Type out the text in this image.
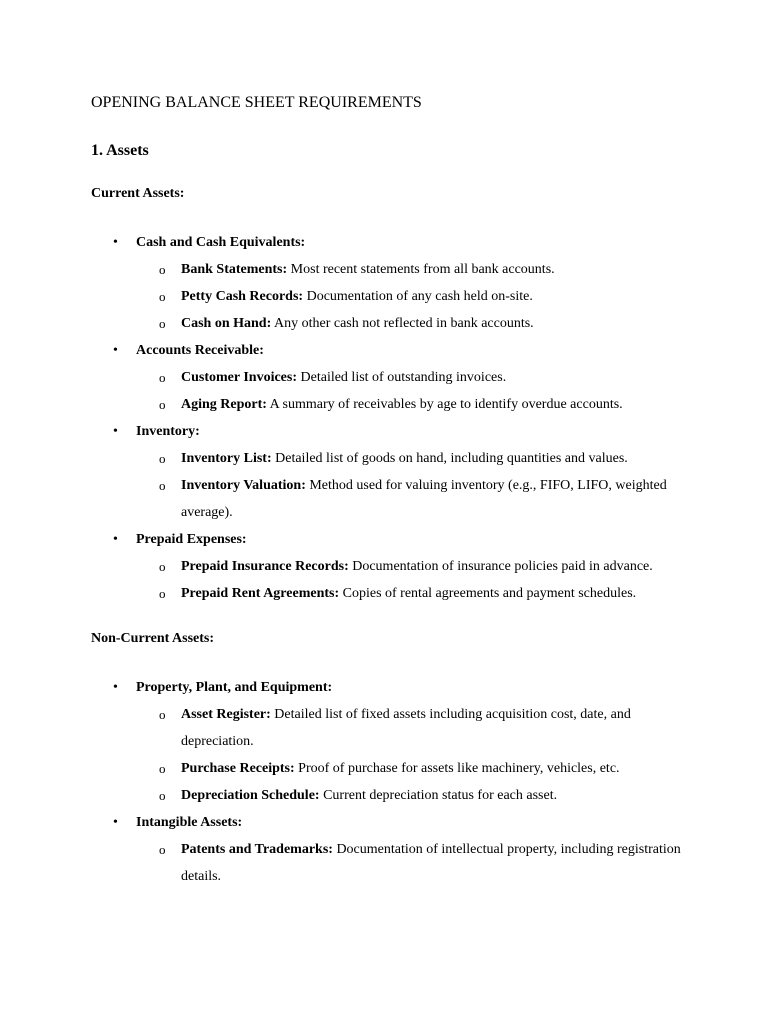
OPENING BALANCE SHEET REQUIREMENTS
1. Assets
Current Assets:
• Cash and Cash Equivalents:
o Bank Statements: Most recent statements from all bank accounts.
o Petty Cash Records: Documentation of any cash held on-site.
o Cash on Hand: Any other cash not reflected in bank accounts.
• Accounts Receivable:
o Customer Invoices: Detailed list of outstanding invoices.
o Aging Report: A summary of receivables by age to identify overdue accounts.
• Inventory:
o Inventory List: Detailed list of goods on hand, including quantities and values.
o Inventory Valuation: Method used for valuing inventory (e.g., FIFO, LIFO, weighted average).
• Prepaid Expenses:
o Prepaid Insurance Records: Documentation of insurance policies paid in advance.
o Prepaid Rent Agreements: Copies of rental agreements and payment schedules.
Non-Current Assets:
• Property, Plant, and Equipment:
o Asset Register: Detailed list of fixed assets including acquisition cost, date, and depreciation.
o Purchase Receipts: Proof of purchase for assets like machinery, vehicles, etc.
o Depreciation Schedule: Current depreciation status for each asset.
• Intangible Assets:
o Patents and Trademarks: Documentation of intellectual property, including registration details.
